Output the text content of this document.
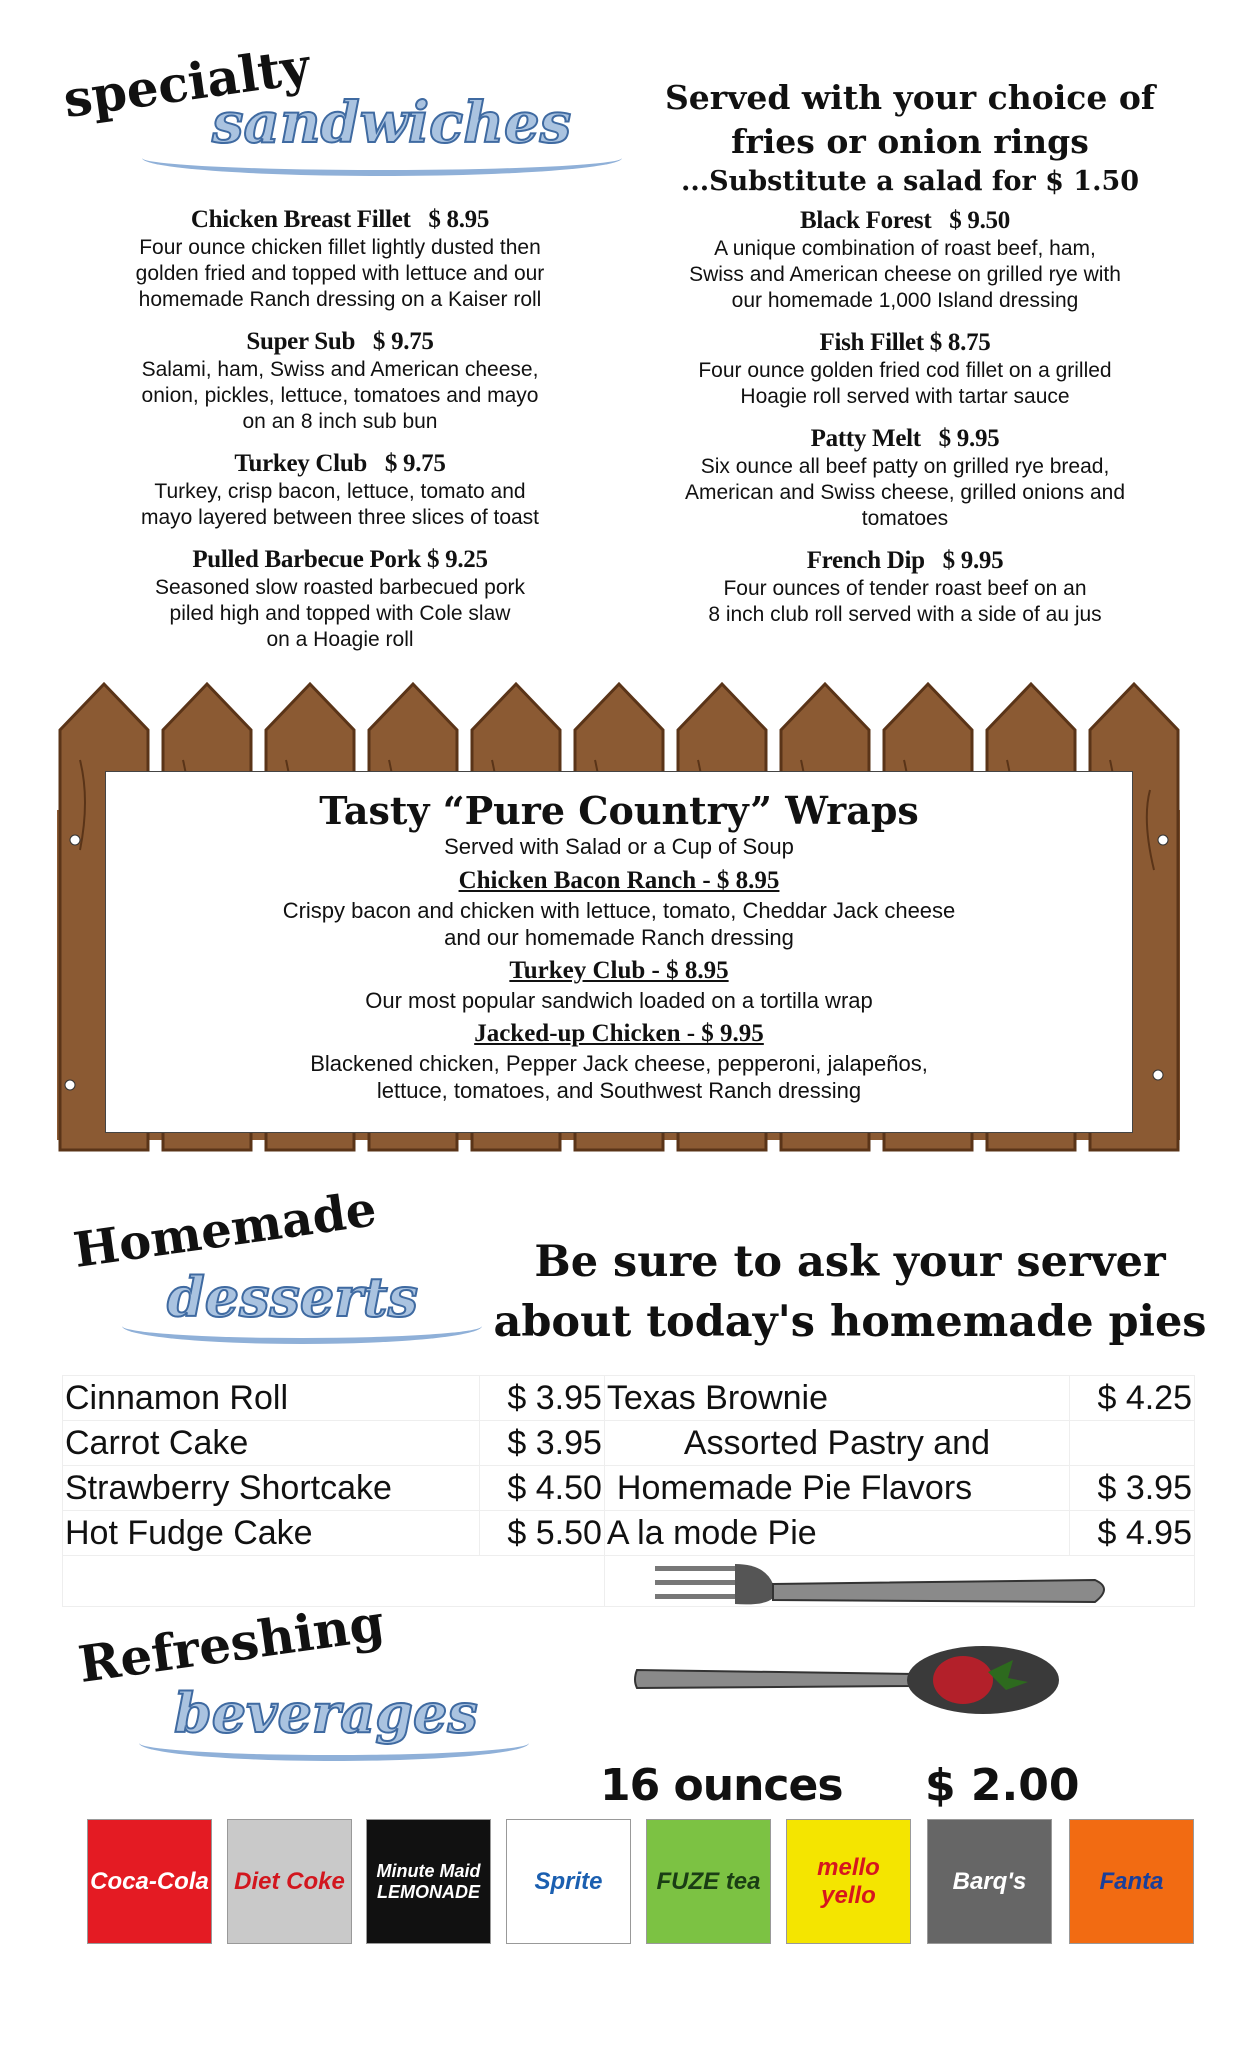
specialty
sandwiches	Served with your choice of
fries or onion rings
...Substitute a salad for $ 1.50
Chicken Breast Fillet   $ 8.95
Four ounce chicken fillet lightly dusted then
golden fried and topped with lettuce and our
homemade Ranch dressing on a Kaiser roll
Super Sub   $ 9.75
Salami, ham, Swiss and American cheese,
onion, pickles, lettuce, tomatoes and mayo
on an 8 inch sub bun
Turkey Club   $ 9.75
Turkey, crisp bacon, lettuce, tomato and
mayo layered between three slices of toast
Pulled Barbecue Pork $ 9.25
Seasoned slow roasted barbecued pork
piled high and topped with Cole slaw
on a Hoagie roll
Black Forest   $ 9.50
A unique combination of roast beef, ham,
Swiss and American cheese on grilled rye with
our homemade 1,000 Island dressing
Fish Fillet $ 8.75
Four ounce golden fried cod fillet on a grilled
Hoagie roll served with tartar sauce
Patty Melt   $ 9.95
Six ounce all beef patty on grilled rye bread,
American and Swiss cheese, grilled onions and
tomatoes
French Dip   $ 9.95
Four ounces of tender roast beef on an
8 inch club roll served with a side of au jus
Tasty “Pure Country” Wraps
Served with Salad or a Cup of Soup
Chicken Bacon Ranch - $ 8.95
Crispy bacon and chicken with lettuce, tomato, Cheddar Jack cheese
and our homemade Ranch dressing
Turkey Club - $ 8.95
Our most popular sandwich loaded on a tortilla wrap
Jacked-up Chicken - $ 9.95
Blackened chicken, Pepper Jack cheese, pepperoni, jalapeños,
lettuce, tomatoes, and Southwest Ranch dressing
Homemade
desserts
Be sure to ask your server
about today's homemade pies
Cinnamon Roll	$ 3.95	Texas Brownie	$ 4.25
Carrot Cake	$ 3.95	Assorted Pastry and	
Strawberry Shortcake	$ 4.50	Homemade Pie Flavors	$ 3.95
Hot Fudge Cake	$ 5.50	A la mode Pie	$ 4.95

Refreshing
beverages
16 ounces $ 2.00
Coca-Cola Diet Coke	Minute Maid LEMONADE	Sprite	FUZE tea
mello yello
Barq's	Fanta
